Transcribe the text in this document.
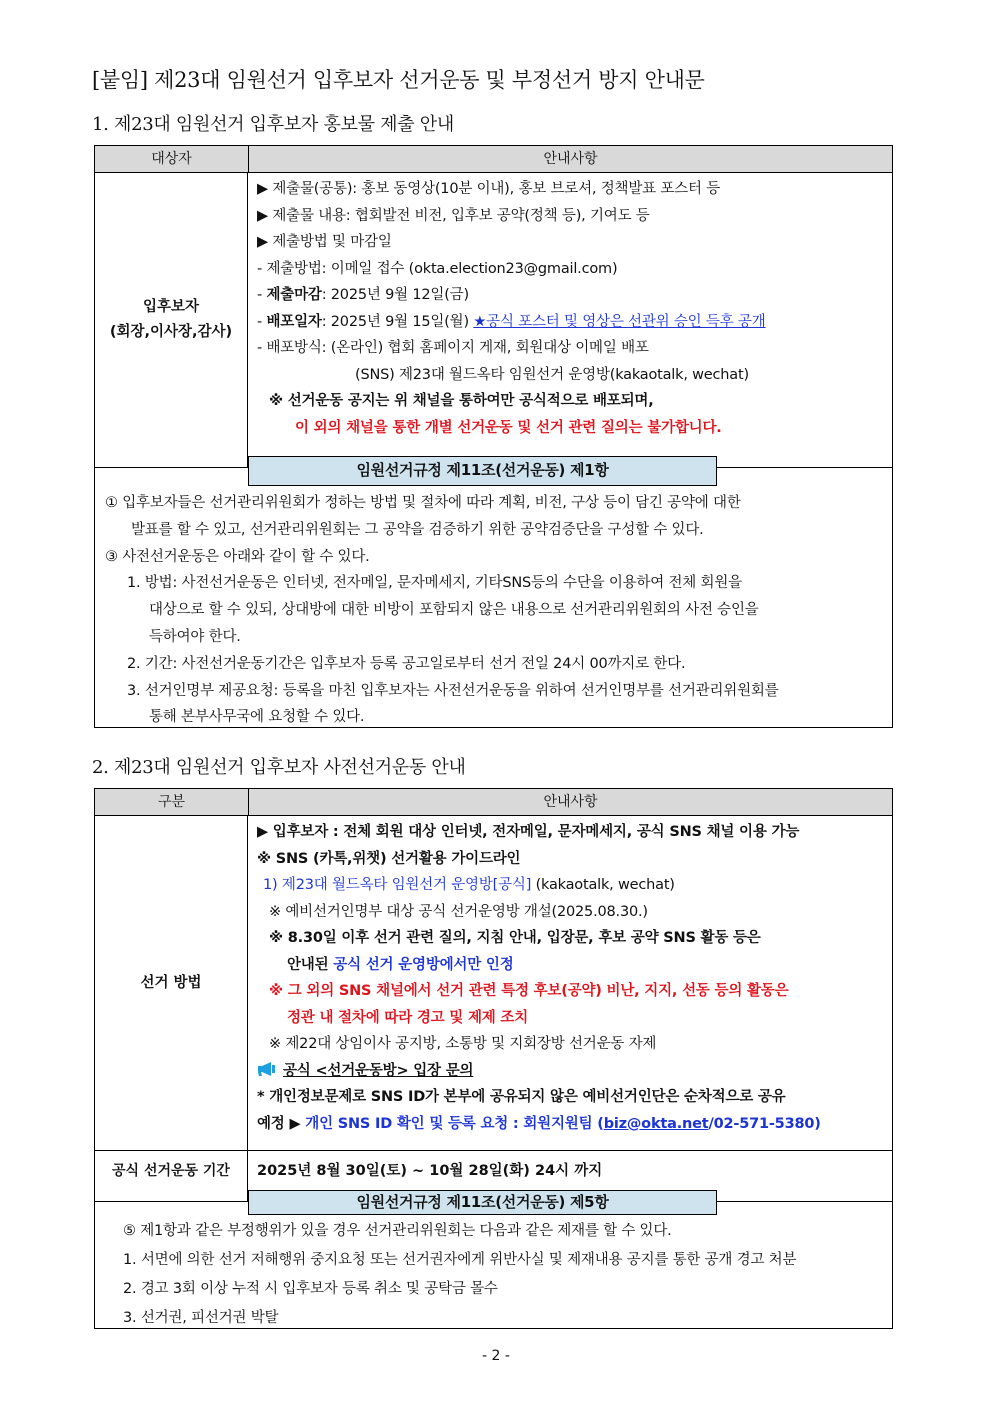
[붙임] 제23대 임원선거 입후보자 선거운동 및 부정선거 방지 안내문
1. 제23대 임원선거 입후보자 홍보물 제출 안내
대상자	안내사항
입후보자
(회장,이사장,감사)
▶ 제출물(공통): 홍보 동영상(10분 이내), 홍보 브로셔, 정책발표 포스터 등
▶ 제출물 내용: 협회발전 비전, 입후보 공약(정책 등), 기여도 등
▶ 제출방법 및 마감일
- 제출방법: 이메일 접수 (okta.election23@gmail.com)
- 제출마감: 2025년 9월 12일(금)
- 배포일자: 2025년 9월 15일(월) ★공식 포스터 및 영상은 선관위 승인 득후 공개
- 배포방식: (온라인) 협회 홈페이지 게재, 회원대상 이메일 배포
(SNS) 제23대 월드옥타 임원선거 운영방(kakaotalk, wechat)
※ 선거운동 공지는 위 채널을 통하여만 공식적으로 배포되며,
이 외의 채널을 통한 개별 선거운동 및 선거 관련 질의는 불가합니다.
임원선거규정 제11조(선거운동) 제1항
① 입후보자들은 선거관리위원회가 정하는 방법 및 절차에 따라 계획, 비전, 구상 등이 담긴 공약에 대한
발표를 할 수 있고, 선거관리위원회는 그 공약을 검증하기 위한 공약검증단을 구성할 수 있다.
③ 사전선거운동은 아래와 같이 할 수 있다.
1. 방법: 사전선거운동은 인터넷, 전자메일, 문자메세지, 기타SNS등의 수단을 이용하여 전체 회원을
대상으로 할 수 있되, 상대방에 대한 비방이 포함되지 않은 내용으로 선거관리위원회의 사전 승인을
득하여야 한다.
2. 기간: 사전선거운동기간은 입후보자 등록 공고일로부터 선거 전일 24시 00까지로 한다.
3. 선거인명부 제공요청: 등록을 마친 입후보자는 사전선거운동을 위하여 선거인명부를 선거관리위원회를
통해 본부사무국에 요청할 수 있다.
2. 제23대 임원선거 입후보자 사전선거운동 안내
구분	안내사항
선거 방법
▶ 입후보자 : 전체 회원 대상 인터넷, 전자메일, 문자메세지, 공식 SNS 채널 이용 가능
※ SNS (카톡,위챗) 선거활용 가이드라인
1) 제23대 월드옥타 임원선거 운영방[공식] (kakaotalk, wechat)
※ 예비선거인명부 대상 공식 선거운영방 개설(2025.08.30.)
※ 8.30일 이후 선거 관련 질의, 지침 안내, 입장문, 후보 공약 SNS 활동 등은
안내된 공식 선거 운영방에서만 인정
※ 그 외의 SNS 채널에서 선거 관련 특정 후보(공약) 비난, 지지, 선동 등의 활동은
정관 내 절차에 따라 경고 및 제제 조치
※ 제22대 상임이사 공지방, 소통방 및 지회장방 선거운동 자제
공식 <선거운동방> 입장 문의
* 개인정보문제로 SNS ID가 본부에 공유되지 않은 예비선거인단은 순차적으로 공유
예정 ▶ 개인 SNS ID 확인 및 등록 요청 : 회원지원팀 (biz@okta.net/02-571-5380)
공식 선거운동 기간	2025년 8월 30일(토) ~ 10월 28일(화) 24시 까지
임원선거규정 제11조(선거운동) 제5항
⑤ 제1항과 같은 부정행위가 있을 경우 선거관리위원회는 다음과 같은 제재를 할 수 있다.
1. 서면에 의한 선거 저해행위 중지요청 또는 선거권자에게 위반사실 및 제재내용 공지를 통한 공개 경고 처분
2. 경고 3회 이상 누적 시 입후보자 등록 취소 및 공탁금 몰수
3. 선거권, 피선거권 박탈
- 2 -
